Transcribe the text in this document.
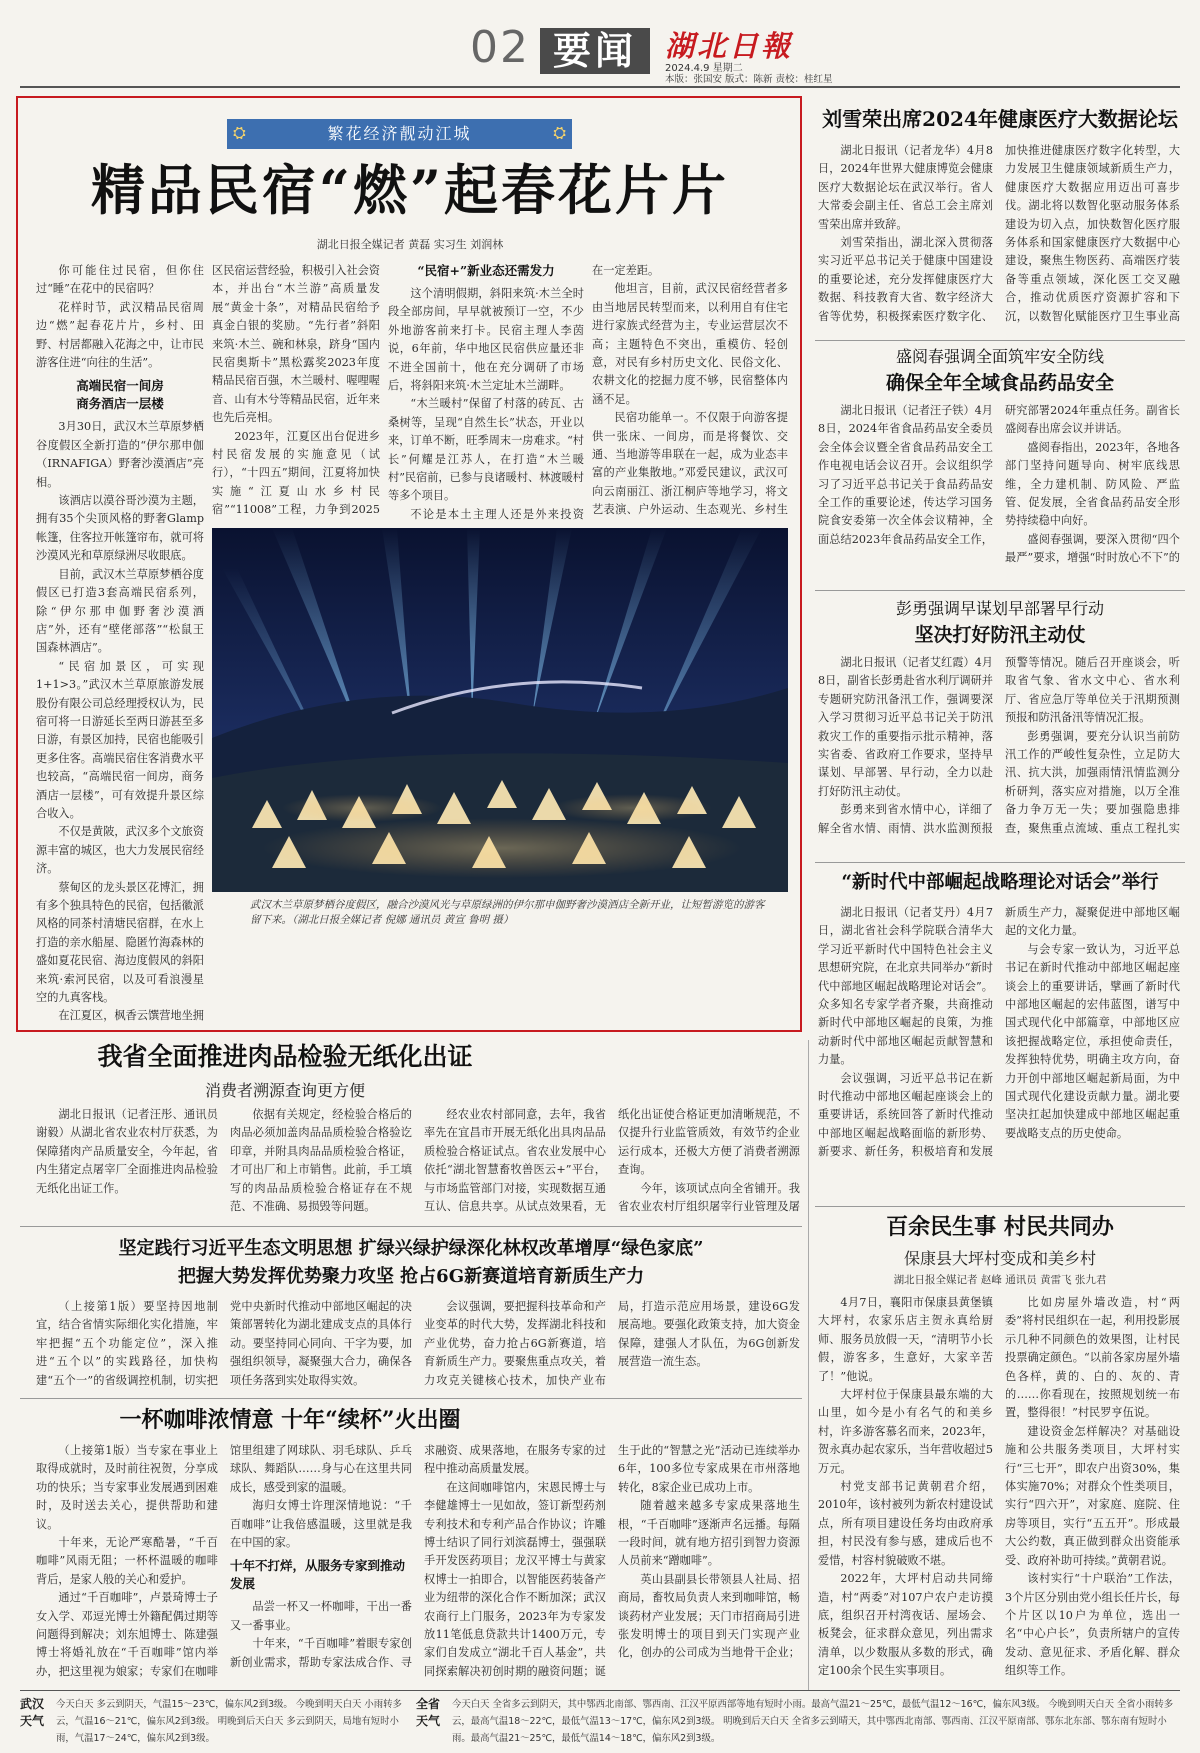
02 要闻 湖北日報
2024.4.9 星期二
本版：张国安 版式：陈新 责校：桂红星
⛭	繁花经济靓动江城	⛭
精品民宿“燃”起春花片片
湖北日报全媒记者 黄磊 实习生 刘润林

你可能住过民宿，但你住过“睡”在花中的民宿吗？

花样时节，武汉精品民宿周边“燃”起春花片片，乡村、田野、村居都融入花海之中，让市民游客住进“向往的生活”。

高端民宿一间房
商务酒店一层楼

3月30日，武汉木兰草原梦栖谷度假区全新打造的“伊尔那申伽（IRNAFIGA）野奢沙漠酒店”亮相。

该酒店以漠谷哥沙漠为主题，拥有35个尖顶风格的野奢Glamp帐篷，住客拉开帐篷帘布，就可将沙漠风光和草原绿洲尽收眼底。

目前，武汉木兰草原梦栖谷度假区已打造3套高端民宿系列，除“伊尔那申伽野奢沙漠酒店”外，还有“壁佬部落”“松鼠王国森林酒店”。

“民宿加景区，可实现1+1>3。”武汉木兰草原旅游发展股份有限公司总经理授权认为，民宿可将一日游延长至两日游甚至多日游，有景区加持，民宿也能吸引更多住客。高端民宿住客消费水平也较高，“高端民宿一间房，商务酒店一层楼”，可有效提升景区综合收入。

不仅是黄陂，武汉多个文旅资源丰富的城区，也大力发展民宿经济。

蔡甸区的龙头景区花博汇，拥有多个独具特色的民宿，包括徽派风格的同茶村清塘民宿群，在水上打造的亲水船屋、隐匿竹海森林的盛如夏花民宿、海边度假风的斜阳来筑·索河民宿，以及可看浪漫星空的九真客栈。

在江夏区，枫香云馔营地坐拥

区民宿运营经验，积极引入社会资本，并出台“木兰游”高质量发展“黄金十条”，对精品民宿给予真金白银的奖励。“先行者”斜阳来筑·木兰、碗和林泉，跻身“国内民宿奥斯卡”黑松露奖2023年度精品民宿百强，木兰暖村、喔哩喔音、山有木兮等精品民宿，近年来也先后亮相。

2023年，江夏区出台促进乡村民宿发展的实施意见（试行），“十四五”期间，江夏将加快实施“江夏山水乡村民宿”“11008”工程，力争到2025

“民宿+”新业态还需发力

这个清明假期，斜阳来筑·木兰全时段全部房间，早早就被预订一空，不少外地游客前来打卡。民宿主理人李茵说，6年前，华中地区民宿供应量还非不进全国前十，他在充分调研了市场后，将斜阳来筑·木兰定址木兰湖畔。

“木兰暖村”保留了村落的砖瓦、古桑树等，呈现“自然生长”状态，开业以来，订单不断，旺季周末一房难求。“村长”何耀是江苏人，在打造“木兰暖村”民宿前，已参与良诸暖村、林渡暖村等多个项目。

不论是本土主理人还是外来投资

在一定差距。

他坦言，目前，武汉民宿经营者多由当地居民转型而来，以利用自有住宅进行家族式经营为主，专业运营层次不高；主题特色不突出，重模仿、轻创意，对民有乡村历史文化、民俗文化、农耕文化的挖掘力度不够，民宿整体内涵不足。

民宿功能单一。不仅限于向游客提供一张床、一间房，而是将餐饮、交通、当地游等串联在一起，成为业态丰富的产业集散地。”邓爱民建议，武汉可向云南丽江、浙江桐庐等地学习，将文艺表演、户外运动、生态观光、乡村生

武汉木兰草原梦栖谷度假区，融合沙漠风光与草原绿洲的伊尔那申伽野奢沙漠酒店全新开业，让短暂游览的游客留下来。（湖北日报全媒记者 倪娜 通讯员 黄宣 鲁明 摄）
刘雪荣出席2024年健康医疗大数据论坛

湖北日报讯（记者龙华）4月8日，2024年世界大健康博览会健康医疗大数据论坛在武汉举行。省人大常委会副主任、省总工会主席刘雪荣出席并致辞。

刘雪荣指出，湖北深入贯彻落实习近平总书记关于健康中国建设的重要论述，充分发挥健康医疗大数据、科技教育大省、数字经济大省等优势，积极探索医疗数字化、加快推进健康医疗数字化转型，大力发展卫生健康领域新质生产力，健康医疗大数据应用迈出可喜步伐。湖北将以数智化驱动服务体系建设为切入点，加快数智化医疗服务体系和国家健康医疗大数据中心建设，聚焦生物医药、高端医疗装备等重点领域，深化医工交叉融合，推动优质医疗资源扩容和下沉，以数智化赋能医疗卫生事业高

盛阅春强调全面筑牢安全防线
确保全年全域食品药品安全

湖北日报讯（记者汪子铁）4月8日，2024年省食品药品安全委员会全体会议暨全省食品药品安全工作电视电话会议召开。会议组织学习了习近平总书记关于食品药品安全工作的重要论述，传达学习国务院食安委第一次全体会议精神，全面总结2023年食品药品安全工作，研究部署2024年重点任务。副省长盛阅春出席会议并讲话。

盛阅春指出，2023年，各地各部门坚持问题导向、树牢底线思维，全力建机制、防风险、严监管、促发展，全省食品药品安全形势持续稳中向好。

盛阅春强调，要深入贯彻“四个最严”要求，增强“时时放心不下”的

彭勇强调早谋划早部署早行动
坚决打好防汛主动仗

湖北日报讯（记者艾红霞）4月8日，副省长彭勇赴省水利厅调研并专题研究防汛备汛工作，强调要深入学习贯彻习近平总书记关于防汛救灾工作的重要指示批示精神，落实省委、省政府工作要求，坚持早谋划、早部署、早行动，全力以赴打好防汛主动仗。

彭勇来到省水情中心，详细了解全省水情、雨情、洪水监测预报预警等情况。随后召开座谈会，听取省气象、省水文中心、省水利厅、省应急厅等单位关于汛期预测预报和防汛备汛等情况汇报。

彭勇强调，要充分认识当前防汛工作的严峻性复杂性，立足防大汛、抗大洪，加强雨情汛情监测分析研判，落实应对措施，以万全准备力争万无一失；要加强隐患排查，聚焦重点流域、重点工程扎实

“新时代中部崛起战略理论对话会”举行

湖北日报讯（记者艾丹）4月7日，湖北省社会科学院联合清华大学习近平新时代中国特色社会主义思想研究院，在北京共同举办“新时代中部地区崛起战略理论对话会”。众多知名专家学者齐聚，共商推动新时代中部地区崛起的良策，为推动新时代中部地区崛起贡献智慧和力量。

会议强调，习近平总书记在新时代推动中部地区崛起座谈会上的重要讲话，系统回答了新时代推动中部地区崛起战略面临的新形势、新要求、新任务，积极培育和发展新质生产力，凝聚促进中部地区崛起的文化力量。

与会专家一致认为，习近平总书记在新时代推动中部地区崛起座谈会上的重要讲话，擘画了新时代中部地区崛起的宏伟蓝图，谱写中国式现代化中部篇章，中部地区应该把握战略定位，承担使命责任，发挥独特优势，明确主攻方向，奋力开创中部地区崛起新局面，为中国式现代化建设贡献力量。湖北要坚决扛起加快建成中部地区崛起重要战略支点的历史使命。

我省全面推进肉品检验无纸化出证
消费者溯源查询更方便

湖北日报讯（记者汪彤、通讯员谢毅）从湖北省农业农村厅获悉，为保障猪肉产品质量安全，今年起，省内生猪定点屠宰厂全面推进肉品检验无纸化出证工作。

依据有关规定，经检验合格后的肉品必须加盖肉品品质检验合格验讫印章，并附具肉品品质检验合格证，才可出厂和上市销售。此前，手工填写的肉品品质检验合格证存在不规范、不准确、易损毁等问题。

经农业农村部同意，去年，我省率先在宜昌市开展无纸化出具肉品品质检验合格证试点。省农业发展中心依托“湖北智慧畜牧兽医云+”平台，与市场监管部门对接，实现数据互通互认、信息共享。从试点效果看，无纸化出证使合格证更加清晰规范，不仅提升行业监管质效，有效节约企业运行成本，还极大方便了消费者溯源查询。

今年，该项试点向全省铺开。我省农业农村厅组织屠宰行业管理及屠

坚定践行习近平生态文明思想 扩绿兴绿护绿深化林权改革增厚“绿色家底”
把握大势发挥优势聚力攻坚 抢占6G新赛道培育新质生产力

（上接第1版）要坚持因地制宜，结合省情实际细化实化措施，牢牢把握“五个功能定位”，深入推进“五个以”的实践路径，加快构建“五个一”的省级调控机制，切实把党中央新时代推动中部地区崛起的决策部署转化为湖北建成支点的具体行动。要坚持同心同向、干字为要，加强组织领导，凝聚强大合力，确保各项任务落到实处取得实效。

会议强调，要把握科技革命和产业变革的时代大势，发挥湖北科技和产业优势，奋力抢占6G新赛道，培育新质生产力。要聚焦重点攻关，着力攻克关键核心技术，加快产业布局，打造示范应用场景，建设6G发展高地。要强化政策支持，加大资金保障，建强人才队伍，为6G创新发展营造一流生态。

一杯咖啡浓情意 十年“续杯”火出圈

（上接第1版）当专家在事业上取得成就时，及时前往祝贺，分享成功的快乐；当专家事业发展遇到困难时，及时送去关心，提供帮助和建议。

十年来，无论严寒酷暑，“千百咖啡”风雨无阻；一杯杯温暖的咖啡背后，是家人般的关心和爱护。

通过“千百咖啡”，卢景琦博士子女入学、邓逗光博士外籍配偶过期等问题得到解决；刘东旭博士、陈建强博士将婚礼放在“千百咖啡”馆内举办，把这里视为娘家；专家们在咖啡馆里组建了网球队、羽毛球队、乒乓球队、舞蹈队……身与心在这里共同成长，感受到家的温暖。

海归女博士许理深情地说：“千百咖啡”让我倍感温暖，这里就是我在中国的家。

十年不打烊，从服务专家到推动发展

品尝一杯又一杯咖啡，干出一番又一番事业。

十年来，“千百咖啡”着眼专家创新创业需求，帮助专家法成合作、寻求融资、成果落地，在服务专家的过程中推动高质量发展。

在这间咖啡馆内，宋恩民博士与李健雄博士一见如故，签订新型药剂专利技术和专利产品合作协议；许雕博士结识了同行刘滨磊博士，强强联手开发医药项目；龙汉平博士与黄家权博士一拍即合，以智能医药装备产业为纽带的深化合作不断加深；武汉农商行上门服务，2023年为专家发放11笔低息贷款共计1400万元，专家们自发成立“湖北千百人基金”，共同探索解决初创时期的融资问题；诞生于此的“智慧之光”活动已连续举办6年，100多位专家成果在市州落地转化，8家企业已成功上市。

随着越来越多专家成果落地生根，“千百咖啡”逐渐声名远播。每隔一段时间，就有地方招引到智力资源人员前来“蹭咖啡”。

英山县副县长带领县人社局、招商局，畜牧局负责人来到咖啡馆，畅谈药材产业发展；天门市招商局引进张发明博士的项目到天门实现产业化，创办的公司成为当地骨干企业；

百余民生事 村民共同办
保康县大坪村变成和美乡村
湖北日报全媒记者 赵峰 通讯员 黄雷飞 张九君

4月7日，襄阳市保康县黄堡镇大坪村，农家乐店主贺永真给厨师、服务员放假一天，“清明节小长假，游客多，生意好，大家辛苦了！”他说。

大坪村位于保康县最东端的大山里，如今是小有名气的和美乡村，许多游客慕名而来，2023年，贺永真办起农家乐，当年营收超过5万元。

村党支部书记黄朝君介绍，2010年，该村被列为新农村建设试点，所有项目建设任务均由政府承担，村民没有参与感，建成后也不爱惜，村容村貌破败不堪。

2022年，大坪村启动共同缔造，村“两委”对107户农户走访摸底，组织召开村湾夜话、屋场会、板凳会，征求群众意见，列出需求清单，以少数服从多数的形式，确定100余个民生实事项目。

比如房屋外墙改造，村“两委”将村民组织在一起，利用投影展示几种不同颜色的效果图，让村民投票确定颜色。“以前各家房屋外墙色各样，黄的、白的、灰的、青的……你看现在，按照规划统一布置，整得很！”村民罗亨伍说。

建设资金怎样解决？对基础设施和公共服务类项目，大坪村实行“三七开”，即农户出资30%，集体实施70%；对群众个性类项目，实行“四六开”，对家庭、庭院、住房等项目，实行“五五开”。形成最大公约数，真正做到群众出资能承受、政府补助可持续。”黄朝君说。

该村实行“十户联治”工作法，3个片区分别由党小组长任片长，每个片区以10户为单位，选出一名“中心户长”，负责所辖户的宣传发动、意见征求、矛盾化解、群众组织等工作。

武汉
天气
今天白天 多云到阴天，气温15～23℃，偏东风2到3级。 今晚到明天白天 小雨转多云，气温16～21℃，偏东风2到3级。 明晚到后天白天 多云到阴天，局地有短时小雨，气温17～24℃，偏东风2到3级。
全省
天气
今天白天 全省多云到阴天，其中鄂西北南部、鄂西南、江汉平原西部等地有短时小雨。最高气温21～25℃，最低气温12～16℃，偏东风3级。 今晚到明天白天 全省小雨转多云，最高气温18～22℃，最低气温13～17℃，偏东风2到3级。 明晚到后天白天 全省多云到晴天，其中鄂西北南部、鄂西南、江汉平原南部、鄂东北东部、鄂东南有短时小雨。最高气温21～25℃，最低气温14～18℃，偏东风2到3级。
